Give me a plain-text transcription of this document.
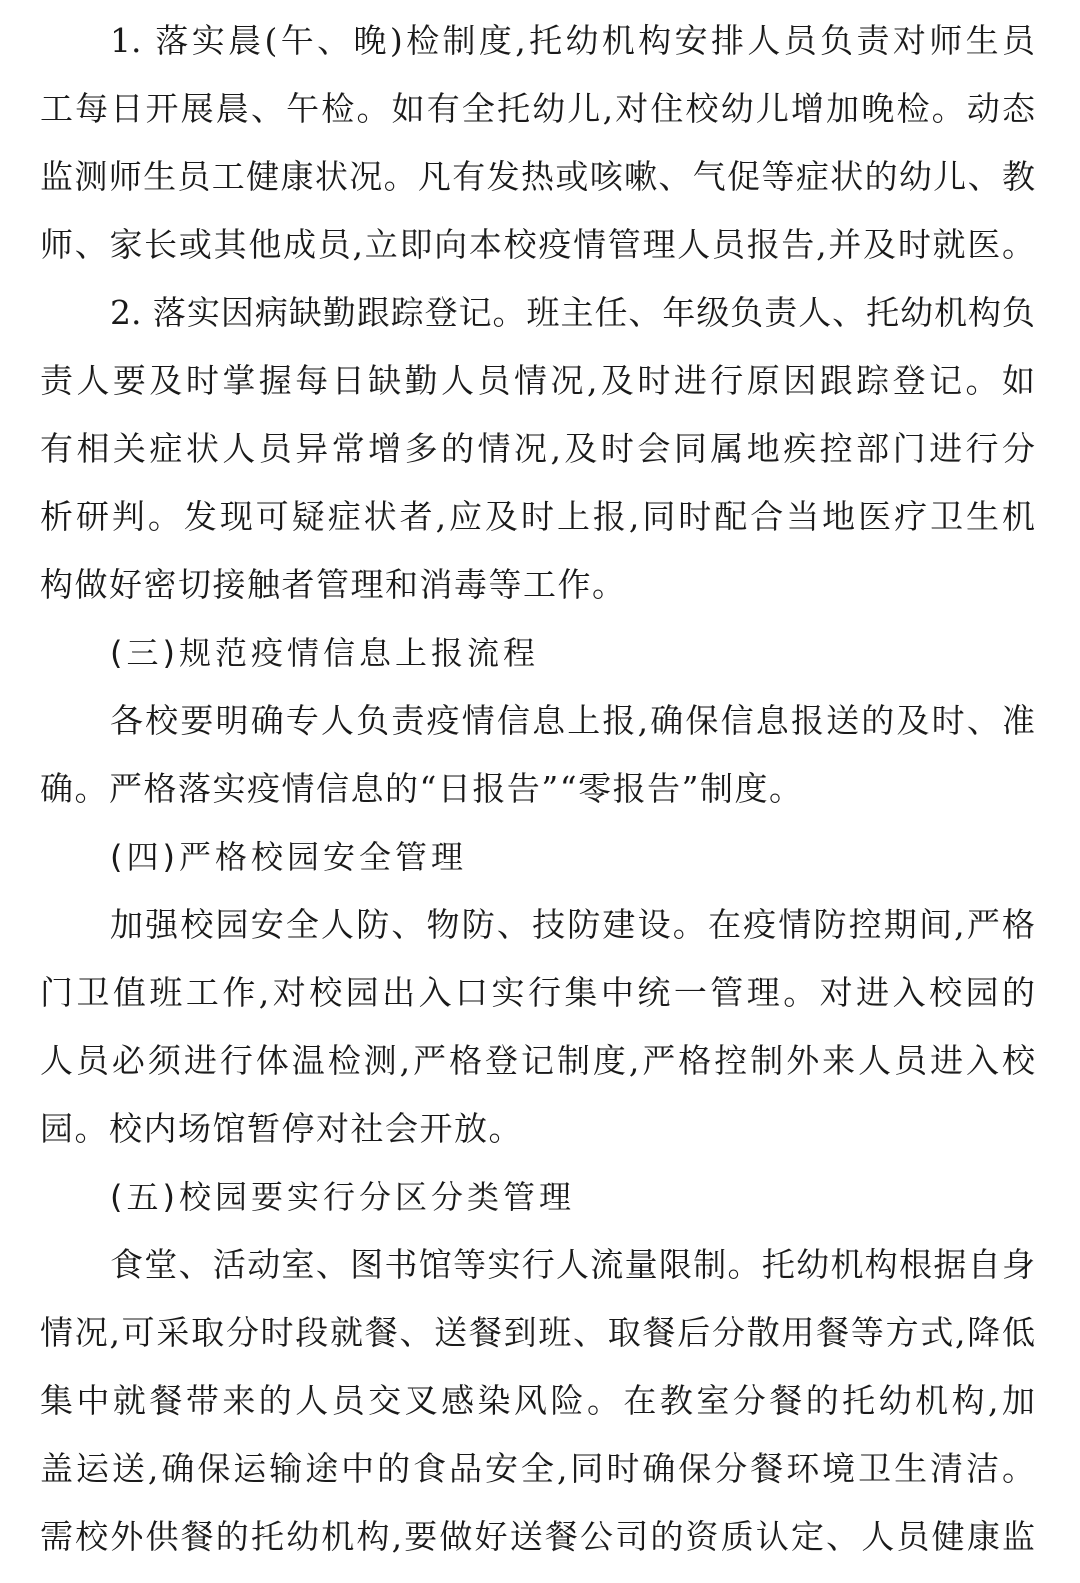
1. 落实晨(午、晚)检制度,托幼机构安排人员负责对师生员
工每日开展晨、午检。如有全托幼儿,对住校幼儿增加晚检。动态
监测师生员工健康状况。凡有发热或咳嗽、气促等症状的幼儿、教
师、家长或其他成员,立即向本校疫情管理人员报告,并及时就医。
2. 落实因病缺勤跟踪登记。班主任、年级负责人、托幼机构负
责人要及时掌握每日缺勤人员情况,及时进行原因跟踪登记。如
有相关症状人员异常增多的情况,及时会同属地疾控部门进行分
析研判。发现可疑症状者,应及时上报,同时配合当地医疗卫生机
构做好密切接触者管理和消毒等工作。
(三)规范疫情信息上报流程
各校要明确专人负责疫情信息上报,确保信息报送的及时、准
确。严格落实疫情信息的“日报告”“零报告”制度。
(四)严格校园安全管理
加强校园安全人防、物防、技防建设。在疫情防控期间,严格
门卫值班工作,对校园出入口实行集中统一管理。对进入校园的
人员必须进行体温检测,严格登记制度,严格控制外来人员进入校
园。校内场馆暂停对社会开放。
(五)校园要实行分区分类管理
食堂、活动室、图书馆等实行人流量限制。托幼机构根据自身
情况,可采取分时段就餐、送餐到班、取餐后分散用餐等方式,降低
集中就餐带来的人员交叉感染风险。在教室分餐的托幼机构,加
盖运送,确保运输途中的食品安全,同时确保分餐环境卫生清洁。
需校外供餐的托幼机构,要做好送餐公司的资质认定、人员健康监
